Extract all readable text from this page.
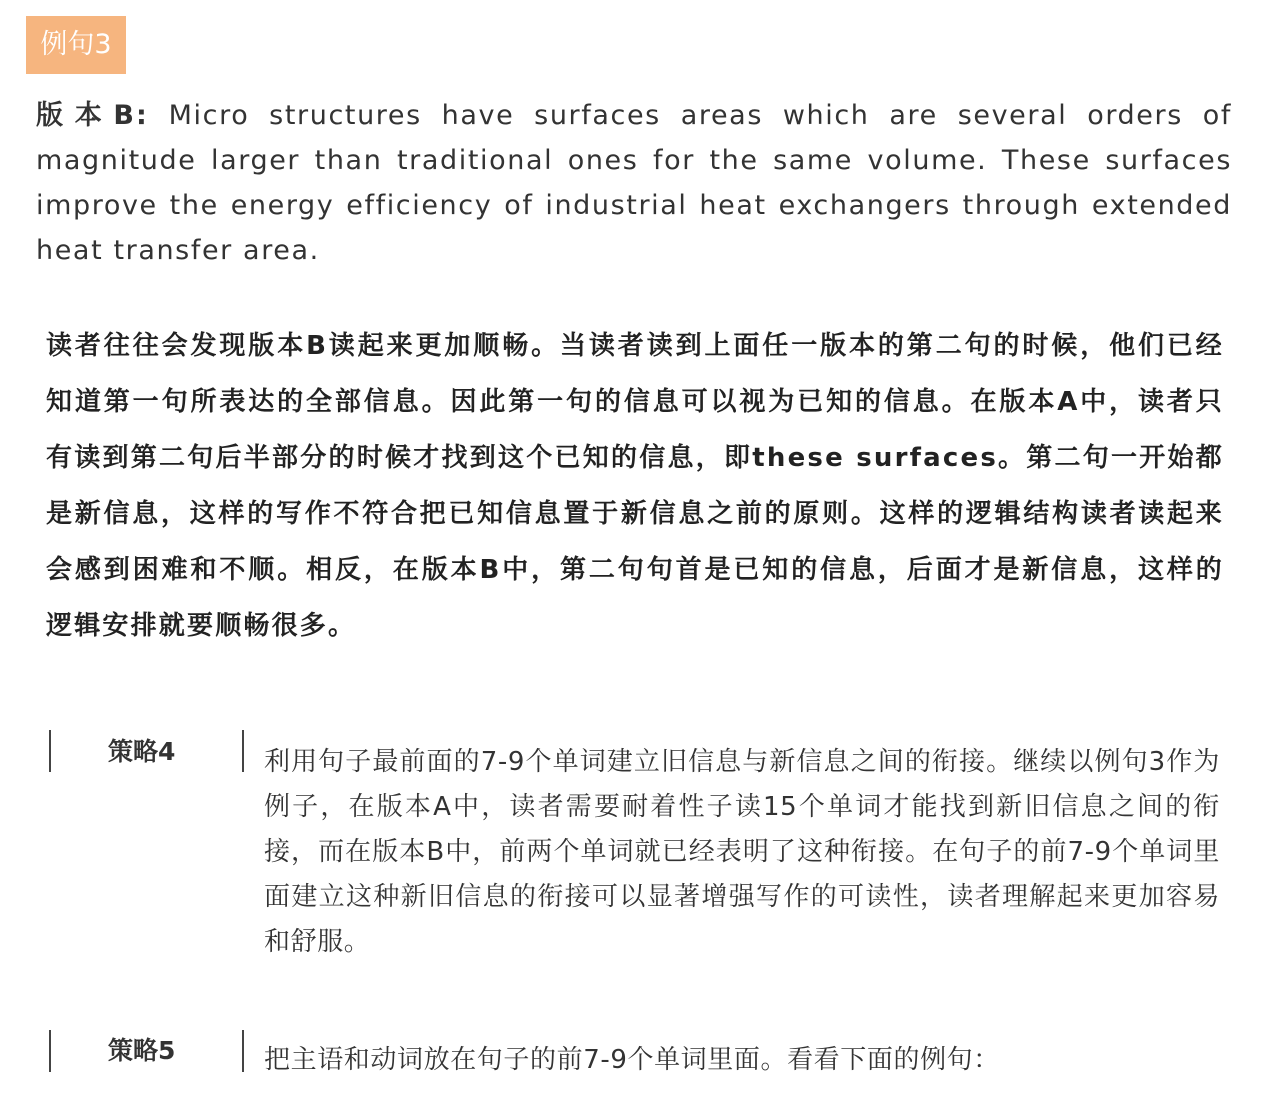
例句3

版本B: Micro structures have surfaces areas which are several orders of magnitude larger than traditional ones for the same volume. These surfaces improve the energy efficiency of industrial heat exchangers through extended heat transfer area.

读者往往会发现版本B读起来更加顺畅。当读者读到上面任一版本的第二句的时候，他们已经知道第一句所表达的全部信息。因此第一句的信息可以视为已知的信息。在版本A中，读者只有读到第二句后半部分的时候才找到这个已知的信息，即these surfaces。第二句一开始都是新信息，这样的写作不符合把已知信息置于新信息之前的原则。这样的逻辑结构读者读起来会感到困难和不顺。相反，在版本B中，第二句句首是已知的信息，后面才是新信息，这样的逻辑安排就要顺畅很多。

策略4	利用句子最前面的7-9个单词建立旧信息与新信息之间的衔接。继续以例句3作为例子，在版本A中，读者需要耐着性子读15个单词才能找到新旧信息之间的衔接，而在版本B中，前两个单词就已经表明了这种衔接。在句子的前7-9个单词里面建立这种新旧信息的衔接可以显著增强写作的可读性，读者理解起来更加容易和舒服。

策略5	把主语和动词放在句子的前7-9个单词里面。看看下面的例句：
